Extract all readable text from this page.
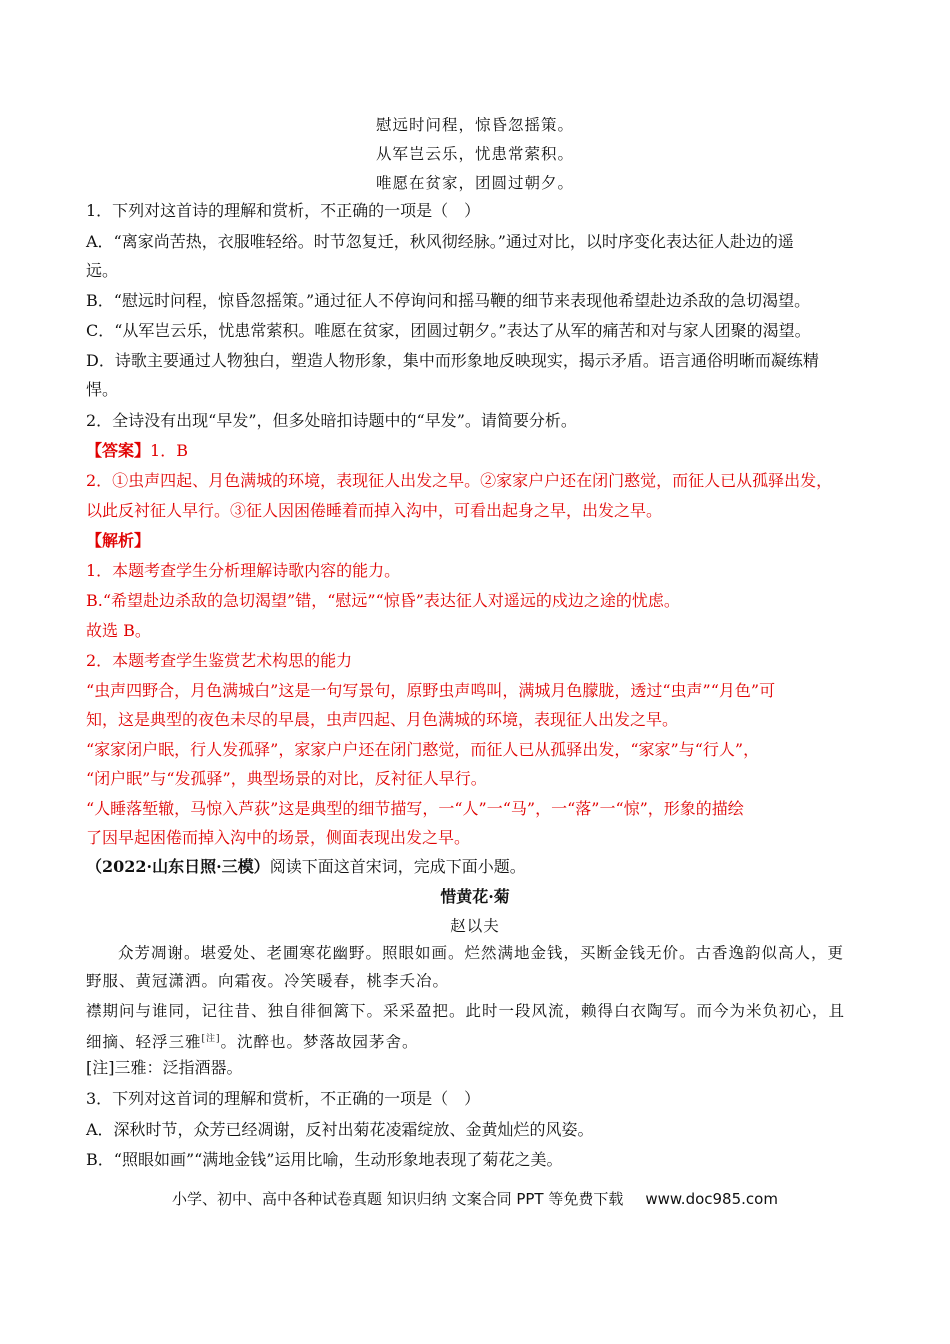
慰远时问程，惊昏忽摇策。
从军岂云乐，忧患常萦积。
唯愿在贫家，团圆过朝夕。
1．下列对这首诗的理解和赏析，不正确的一项是（　）
A．“离家尚苦热，衣服唯轻绤。时节忽复迁，秋风彻经脉。”通过对比，以时序变化表达征人赴边的遥
远。
B．“慰远时问程，惊昏忽摇策。”通过征人不停询问和摇马鞭的细节来表现他希望赴边杀敌的急切渴望。
C．“从军岂云乐，忧患常萦积。唯愿在贫家，团圆过朝夕。”表达了从军的痛苦和对与家人团聚的渴望。
D．诗歌主要通过人物独白，塑造人物形象，集中而形象地反映现实，揭示矛盾。语言通俗明晰而凝练精
悍。
2．全诗没有出现“早发”，但多处暗扣诗题中的“早发”。请简要分析。
【答案】1．B
2．①虫声四起、月色满城的环境，表现征人出发之早。②家家户户还在闭门憨觉，而征人已从孤驿出发，
以此反衬征人早行。③征人因困倦睡着而掉入沟中，可看出起身之早，出发之早。
【解析】
1．本题考查学生分析理解诗歌内容的能力。
B.“希望赴边杀敌的急切渴望”错，“慰远”“惊昏”表达征人对遥远的戍边之途的忧虑。
故选 B。
2．本题考查学生鉴赏艺术构思的能力
“虫声四野合，月色满城白”这是一句写景句，原野虫声鸣叫，满城月色朦胧，透过“虫声”“月色”可
知，这是典型的夜色未尽的早晨，虫声四起、月色满城的环境，表现征人出发之早。
“家家闭户眠，行人发孤驿”，家家户户还在闭门憨觉，而征人已从孤驿出发，“家家”与“行人”，
“闭户眠”与“发孤驿”，典型场景的对比，反衬征人早行。
“人睡落堑辙，马惊入芦荻”这是典型的细节描写，一“人”一“马”，一“落”一“惊”，形象的描绘
了因早起困倦而掉入沟中的场景，侧面表现出发之早。
（2022·山东日照·三模）阅读下面这首宋词，完成下面小题。
惜黄花·菊
赵以夫
众芳凋谢。堪爱处、老圃寒花幽野。照眼如画。烂然满地金钱，买断金钱无价。古香逸韵似高人，更
野服、黄冠潇洒。向霜夜。冷笑暖春，桃李夭冶。
襟期问与谁同，记往昔、独自徘徊篱下。采采盈把。此时一段风流，赖得白衣陶写。而今为米负初心，且
细摘、轻浮三雅[注]。沈醉也。梦落故园茅舍。
[注]三雅：泛指酒器。
3．下列对这首词的理解和赏析，不正确的一项是（　）
A．深秋时节，众芳已经凋谢，反衬出菊花凌霜绽放、金黄灿烂的风姿。
B．“照眼如画”“满地金钱”运用比喻，生动形象地表现了菊花之美。
小学、初中、高中各种试卷真题 知识归纳 文案合同 PPT 等免费下载 www.doc985.com
